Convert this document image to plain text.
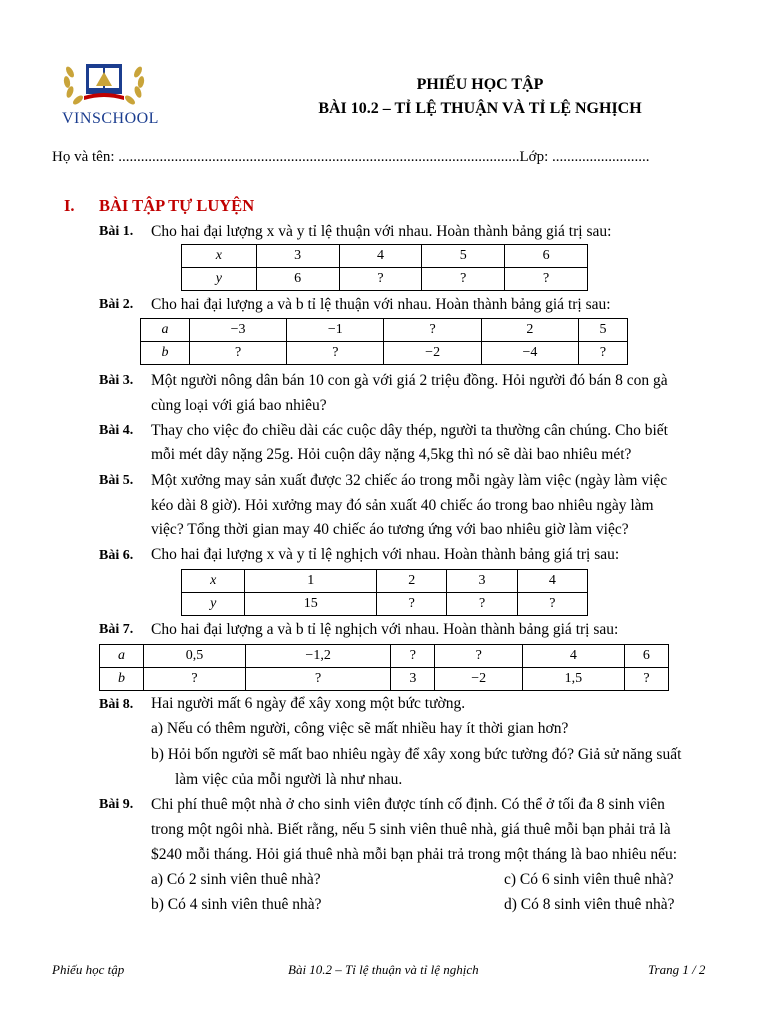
VINSCHOOL
PHIẾU HỌC TẬP
BÀI 10.2 – TỈ LỆ THUẬN VÀ TỈ LỆ NGHỊCH
Họ và tên: ...........................................................................................................Lớp: ..........................
I. BÀI TẬP TỰ LUYỆN
Bài 1. Cho hai đại lượng x và y tỉ lệ thuận với nhau. Hoàn thành bảng giá trị sau:
x	3	4	5	6
y	6	?	?	?
Bài 2. Cho hai đại lượng a và b tỉ lệ thuận với nhau. Hoàn thành bảng giá trị sau:
a	−3	−1	?	2	5
b	?	?	−2	−4	?
Bài 3. Một người nông dân bán 10 con gà với giá 2 triệu đồng. Hỏi người đó bán 8 con gà
cùng loại với giá bao nhiêu?
Bài 4. Thay cho việc đo chiều dài các cuộc dây thép, người ta thường cân chúng. Cho biết
mỗi mét dây nặng 25g. Hỏi cuộn dây nặng 4,5kg thì nó sẽ dài bao nhiêu mét?
Bài 5. Một xưởng may sản xuất được 32 chiếc áo trong mỗi ngày làm việc (ngày làm việc
kéo dài 8 giờ). Hỏi xưởng may đó sản xuất 40 chiếc áo trong bao nhiêu ngày làm
việc? Tổng thời gian may 40 chiếc áo tương ứng với bao nhiêu giờ làm việc?
Bài 6. Cho hai đại lượng x và y tỉ lệ nghịch với nhau. Hoàn thành bảng giá trị sau:
x	1	2	3	4
y	15	?	?	?
Bài 7. Cho hai đại lượng a và b tỉ lệ nghịch với nhau. Hoàn thành bảng giá trị sau:
a	0,5	−1,2	?	?	4	6
b	?	?	3	−2	1,5	?
Bài 8. Hai người mất 6 ngày để xây xong một bức tường.
a) Nếu có thêm người, công việc sẽ mất nhiều hay ít thời gian hơn?
b) Hỏi bốn người sẽ mất bao nhiêu ngày để xây xong bức tường đó? Giả sử năng suất
làm việc của mỗi người là như nhau.
Bài 9. Chi phí thuê một nhà ở cho sinh viên được tính cố định. Có thể ở tối đa 8 sinh viên
trong một ngôi nhà. Biết rằng, nếu 5 sinh viên thuê nhà, giá thuê mỗi bạn phải trả là
$240 mỗi tháng. Hỏi giá thuê nhà mỗi bạn phải trả trong một tháng là bao nhiêu nếu:
a) Có 2 sinh viên thuê nhà?	c) Có 6 sinh viên thuê nhà?
b) Có 4 sinh viên thuê nhà?	d) Có 8 sinh viên thuê nhà?
Phiếu học tập	Bài 10.2 – Tỉ lệ thuận và tỉ lệ nghịch	Trang 1 / 2
